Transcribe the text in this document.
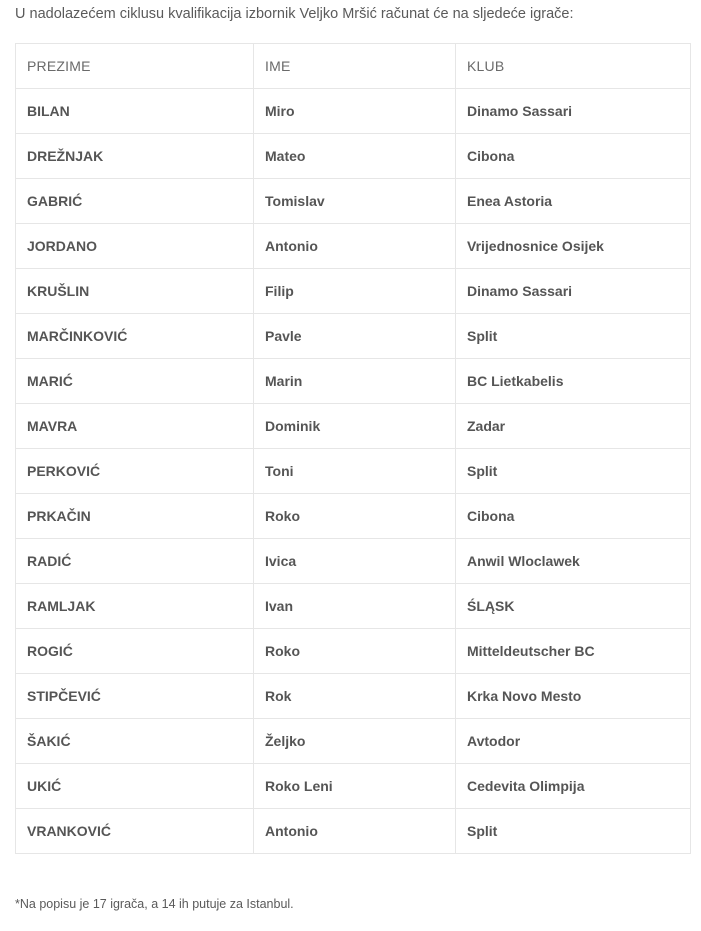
U nadolazećem ciklusu kvalifikacija izbornik Veljko Mršić računat će na sljedeće igrače:

PREZIME	IME	KLUB
BILAN	Miro	Dinamo Sassari
DREŽNJAK	Mateo	Cibona
GABRIĆ	Tomislav	Enea Astoria
JORDANO	Antonio	Vrijednosnice Osijek
KRUŠLIN	Filip	Dinamo Sassari
MARČINKOVIĆ	Pavle	Split
MARIĆ	Marin	BC Lietkabelis
MAVRA	Dominik	Zadar
PERKOVIĆ	Toni	Split
PRKAČIN	Roko	Cibona
RADIĆ	Ivica	Anwil Wloclawek
RAMLJAK	Ivan	ŚLĄSK
ROGIĆ	Roko	Mitteldeutscher BC
STIPČEVIĆ	Rok	Krka Novo Mesto
ŠAKIĆ	Željko	Avtodor
UKIĆ	Roko Leni	Cedevita Olimpija
VRANKOVIĆ	Antonio	Split

*Na popisu je 17 igrača, a 14 ih putuje za Istanbul.
